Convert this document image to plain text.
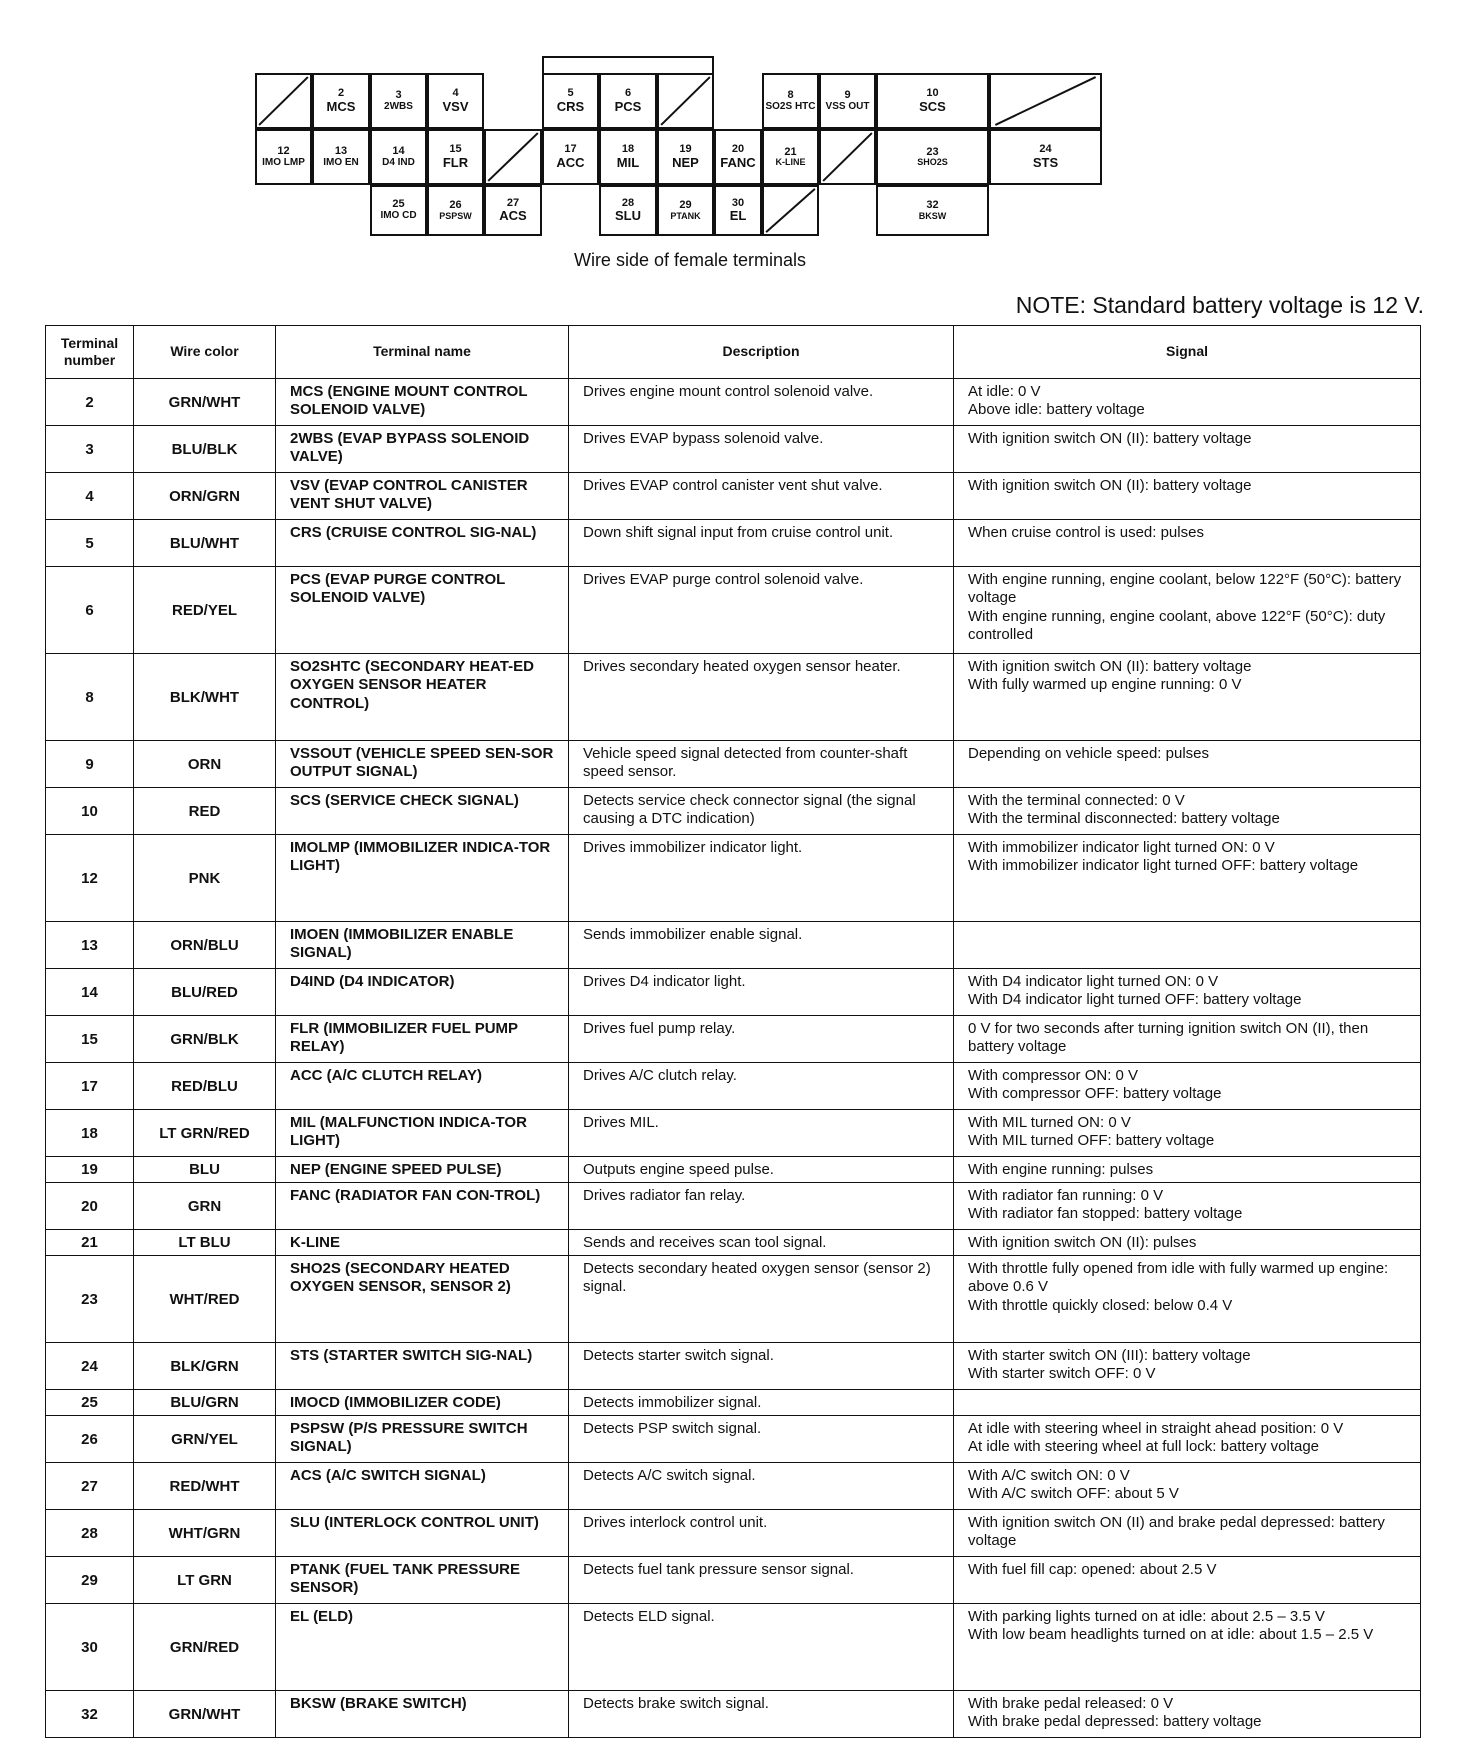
2
MCS
3
2WBS
4
VSV
5
CRS
6
PCS
8
SO2S HTC
9
VSS OUT
10
SCS
12
IMO LMP
13
IMO EN
14
D4 IND
15
FLR
17
ACC
18
MIL
19
NEP
20
FANC
21
K-LINE
23
SHO2S
24
STS
25
IMO CD
26
PSPSW
27
ACS
28
SLU
29
PTANK
30
EL
32
BKSW
Wire side of female terminals
NOTE: Standard battery voltage is 12 V.
Terminal number	Wire color	Terminal name	Description	Signal
2	GRN/WHT	MCS (ENGINE MOUNT CONTROL SOLENOID VALVE)	Drives engine mount control solenoid valve.	At idle: 0 V
Above idle: battery voltage
3	BLU/BLK	2WBS (EVAP BYPASS SOLENOID VALVE)	Drives EVAP bypass solenoid valve.	With ignition switch ON (II): battery voltage
4	ORN/GRN	VSV (EVAP CONTROL CANISTER VENT SHUT VALVE)	Drives EVAP control canister vent shut valve.	With ignition switch ON (II): battery voltage
5	BLU/WHT	CRS (CRUISE CONTROL SIG-NAL)	Down shift signal input from cruise control unit.	When cruise control is used: pulses
6	RED/YEL	PCS (EVAP PURGE CONTROL SOLENOID VALVE)	Drives EVAP purge control solenoid valve.	With engine running, engine coolant, below 122°F (50°C): battery voltage
With engine running, engine coolant, above 122°F (50°C): duty controlled
8	BLK/WHT	SO2SHTC (SECONDARY HEAT-ED OXYGEN SENSOR HEATER CONTROL)	Drives secondary heated oxygen sensor heater.	With ignition switch ON (II): battery voltage
With fully warmed up engine running: 0 V
9	ORN	VSSOUT (VEHICLE SPEED SEN-SOR OUTPUT SIGNAL)	Vehicle speed signal detected from counter-shaft speed sensor.	Depending on vehicle speed: pulses
10	RED	SCS (SERVICE CHECK SIGNAL)	Detects service check connector signal (the signal causing a DTC indication)	With the terminal connected: 0 V
With the terminal disconnected: battery voltage
12	PNK	IMOLMP (IMMOBILIZER INDICA-TOR LIGHT)	Drives immobilizer indicator light.	With immobilizer indicator light turned ON: 0 V
With immobilizer indicator light turned OFF: battery voltage
13	ORN/BLU	IMOEN (IMMOBILIZER ENABLE SIGNAL)	Sends immobilizer enable signal.	
14	BLU/RED	D4IND (D4 INDICATOR)	Drives D4 indicator light.	With D4 indicator light turned ON: 0 V
With D4 indicator light turned OFF: battery voltage
15	GRN/BLK	FLR (IMMOBILIZER FUEL PUMP RELAY)	Drives fuel pump relay.	0 V for two seconds after turning ignition switch ON (II), then battery voltage
17	RED/BLU	ACC (A/C CLUTCH RELAY)	Drives A/C clutch relay.	With compressor ON: 0 V
With compressor OFF: battery voltage
18	LT GRN/RED	MIL (MALFUNCTION INDICA-TOR LIGHT)	Drives MIL.	With MIL turned ON: 0 V
With MIL turned OFF: battery voltage
19	BLU	NEP (ENGINE SPEED PULSE)	Outputs engine speed pulse.	With engine running: pulses
20	GRN	FANC (RADIATOR FAN CON-TROL)	Drives radiator fan relay.	With radiator fan running: 0 V
With radiator fan stopped: battery voltage
21	LT BLU	K-LINE	Sends and receives scan tool signal.	With ignition switch ON (II): pulses
23	WHT/RED	SHO2S (SECONDARY HEATED OXYGEN SENSOR, SENSOR 2)	Detects secondary heated oxygen sensor (sensor 2) signal.	With throttle fully opened from idle with fully warmed up engine: above 0.6 V
With throttle quickly closed: below 0.4 V
24	BLK/GRN	STS (STARTER SWITCH SIG-NAL)	Detects starter switch signal.	With starter switch ON (III): battery voltage
With starter switch OFF: 0 V
25	BLU/GRN	IMOCD (IMMOBILIZER CODE)	Detects immobilizer signal.	
26	GRN/YEL	PSPSW (P/S PRESSURE SWITCH SIGNAL)	Detects PSP switch signal.	At idle with steering wheel in straight ahead position: 0 V
At idle with steering wheel at full lock: battery voltage
27	RED/WHT	ACS (A/C SWITCH SIGNAL)	Detects A/C switch signal.	With A/C switch ON: 0 V
With A/C switch OFF: about 5 V
28	WHT/GRN	SLU (INTERLOCK CONTROL UNIT)	Drives interlock control unit.	With ignition switch ON (II) and brake pedal depressed: battery voltage
29	LT GRN	PTANK (FUEL TANK PRESSURE SENSOR)	Detects fuel tank pressure sensor signal.	With fuel fill cap: opened: about 2.5 V
30	GRN/RED	EL (ELD)	Detects ELD signal.	With parking lights turned on at idle: about 2.5 – 3.5 V
With low beam headlights turned on at idle: about 1.5 – 2.5 V
32	GRN/WHT	BKSW (BRAKE SWITCH)	Detects brake switch signal.	With brake pedal released: 0 V
With brake pedal depressed: battery voltage
